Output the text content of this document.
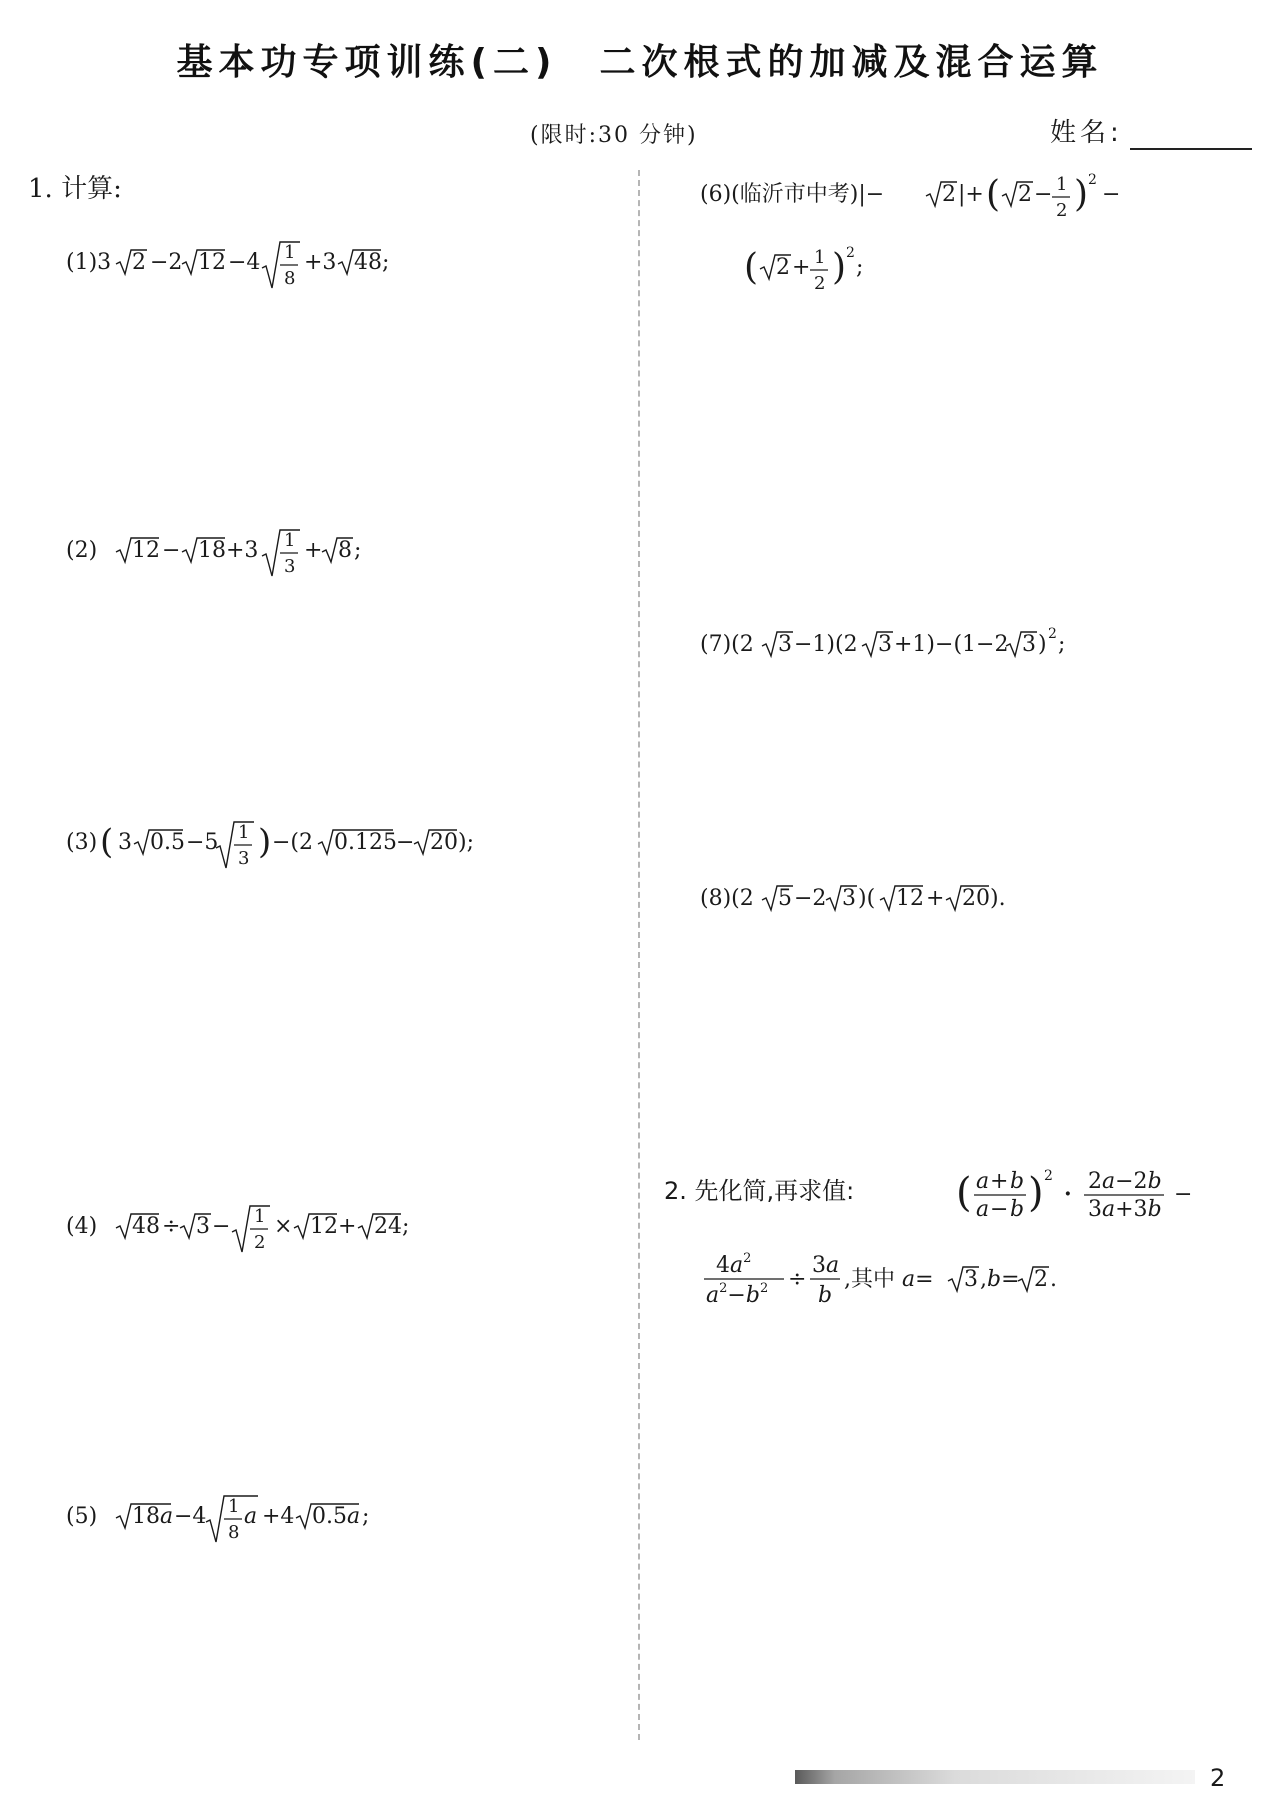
基本功专项训练(二)　二次根式的加减及混合运算
(限时:30 分钟)	姓名:
1. 计算:
(1)3 2 −2 12 −4 1
8
+3 48 ;
(2) 12 − 18 +3 1
3
+ 8 ;
(3) ( 3 0.5 −5 1
3 ) −(2 0.125 − 20 );
(4) 48 ÷ 3 − 1
2
× 12 + 24 ;
(5) 18a −4 1
8
a +4 0.5a ;
(6)(临沂市中考)|−	2 |+ ( 2 − 1
2 ) 2
−
( 2 + 1
2 ) 2
;
(7)(2 3 −1)(2 3 +1)−(1−2 3 ) 2 ;
(8)(2 5 −2 3 )( 12 + 20 ).
2. 先化简,再求值:	( a + b
a − b ) 2
· 2a−2b
3a+3b
−
$4a^2$
$a^2-b^2$ ÷
3a
b
,其中 a= 3 ,b= 2 .
2
